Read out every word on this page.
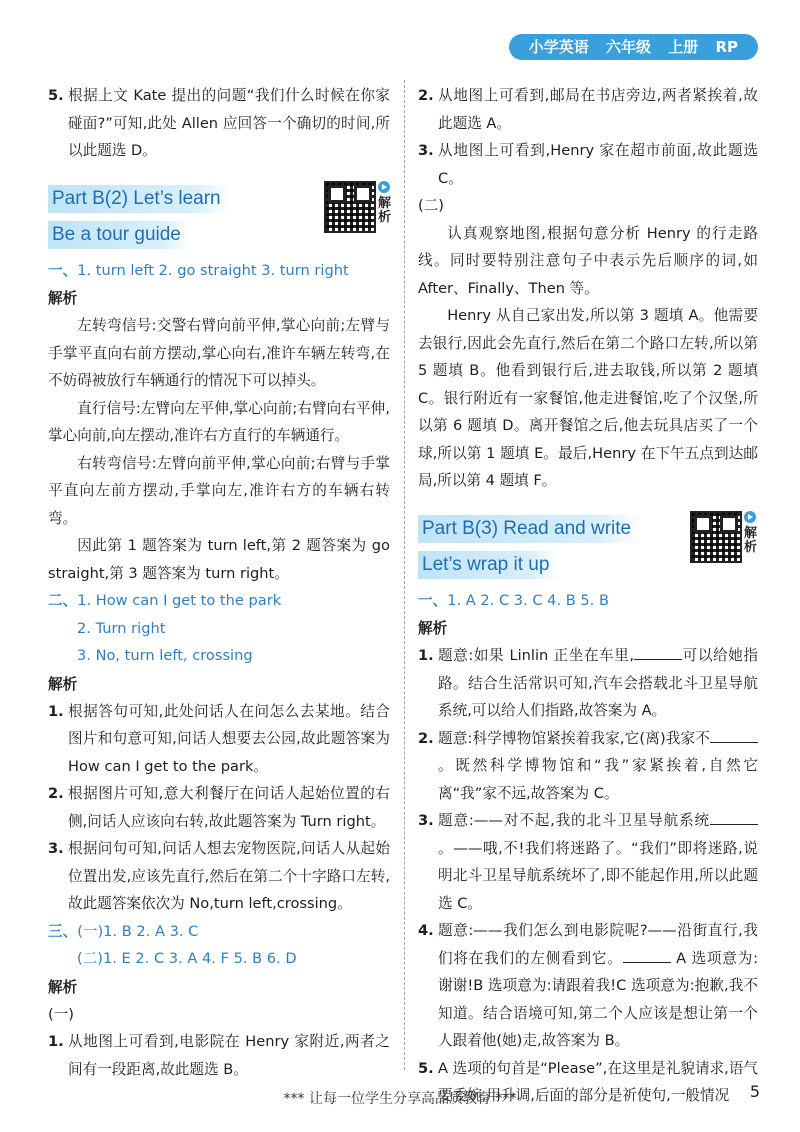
小学英语 六年级 上册 RP
5. 根据上文 Kate 提出的问题“我们什么时候在你家碰面?”可知,此处 Allen 应回答一个确切的时间,所以此题选 D。
Part B(2) Let’s learn
Be a tour guide
解析
一、1. turn left 2. go straight 3. turn right
解析

左转弯信号:交警右臂向前平伸,掌心向前;左臂与手掌平直向右前方摆动,掌心向右,准许车辆左转弯,在不妨碍被放行车辆通行的情况下可以掉头。

直行信号:左臂向左平伸,掌心向前;右臂向右平伸,掌心向前,向左摆动,准许右方直行的车辆通行。

右转弯信号:左臂向前平伸,掌心向前;右臂与手掌平直向左前方摆动,手掌向左,准许右方的车辆右转弯。

因此第 1 题答案为 turn left,第 2 题答案为 go straight,第 3 题答案为 turn right。

二、1. How can I get to the park
2. Turn right
3. No, turn left, crossing
解析
1. 根据答句可知,此处问话人在问怎么去某地。结合图片和句意可知,问话人想要去公园,故此题答案为 How can I get to the park。
2. 根据图片可知,意大利餐厅在问话人起始位置的右侧,问话人应该向右转,故此题答案为 Turn right。
3. 根据问句可知,问话人想去宠物医院,问话人从起始位置出发,应该先直行,然后在第二个十字路口左转,故此题答案依次为 No,turn left,crossing。
三、(一)1. B 2. A 3. C
(二)1. E 2. C 3. A 4. F 5. B 6. D
解析

(一)

1. 从地图上可看到,电影院在 Henry 家附近,两者之间有一段距离,故此题选 B。
2. 从地图上可看到,邮局在书店旁边,两者紧挨着,故此题选 A。
3. 从地图上可看到,Henry 家在超市前面,故此题选 C。

(二)

认真观察地图,根据句意分析 Henry 的行走路线。同时要特别注意句子中表示先后顺序的词,如 After、Finally、Then 等。

Henry 从自己家出发,所以第 3 题填 A。他需要去银行,因此会先直行,然后在第二个路口左转,所以第 5 题填 B。他看到银行后,进去取钱,所以第 2 题填 C。银行附近有一家餐馆,他走进餐馆,吃了个汉堡,所以第 6 题填 D。离开餐馆之后,他去玩具店买了一个球,所以第 1 题填 E。最后,Henry 在下午五点到达邮局,所以第 4 题填 F。

Part B(3) Read and write
Let’s wrap it up
解析
一、1. A 2. C 3. C 4. B 5. B
解析
1. 题意:如果 Linlin 正坐在车里,	可以给她指路。结合生活常识可知,汽车会搭载北斗卫星导航系统,可以给人们指路,故答案为 A。
2. 题意:科学博物馆紧挨着我家,它(离)我家不。既然科学博物馆和“我”家紧挨着,自然它离“我”家不远,故答案为 C。
3. 题意:——对不起,我的北斗卫星导航系统。——哦,不!我们将迷路了。“我们”即将迷路,说明北斗卫星导航系统坏了,即不能起作用,所以此题选 C。
4. 题意:——我们怎么到电影院呢?——沿街直行,我们将在我们的左侧看到它。	A 选项意为:谢谢!B 选项意为:请跟着我!C 选项意为:抱歉,我不知道。结合语境可知,第二个人应该是想让第一个人跟着他(她)走,故答案为 B。
5. A 选项的句首是“Please”,在这里是礼貌请求,语气要委婉,用升调,后面的部分是祈使句,一般情况
*** 让每一位学生分享高品质教育 ***	5
